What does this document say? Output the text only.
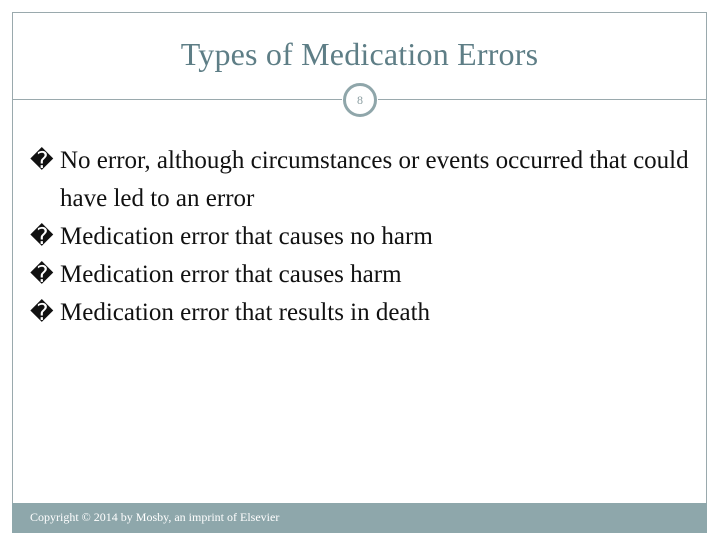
Types of Medication Errors
8
� No error, although circumstances or events occurred that could have led to an error
� Medication error that causes no harm
� Medication error that causes harm
� Medication error that results in death
Copyright © 2014 by Mosby, an imprint of Elsevier
